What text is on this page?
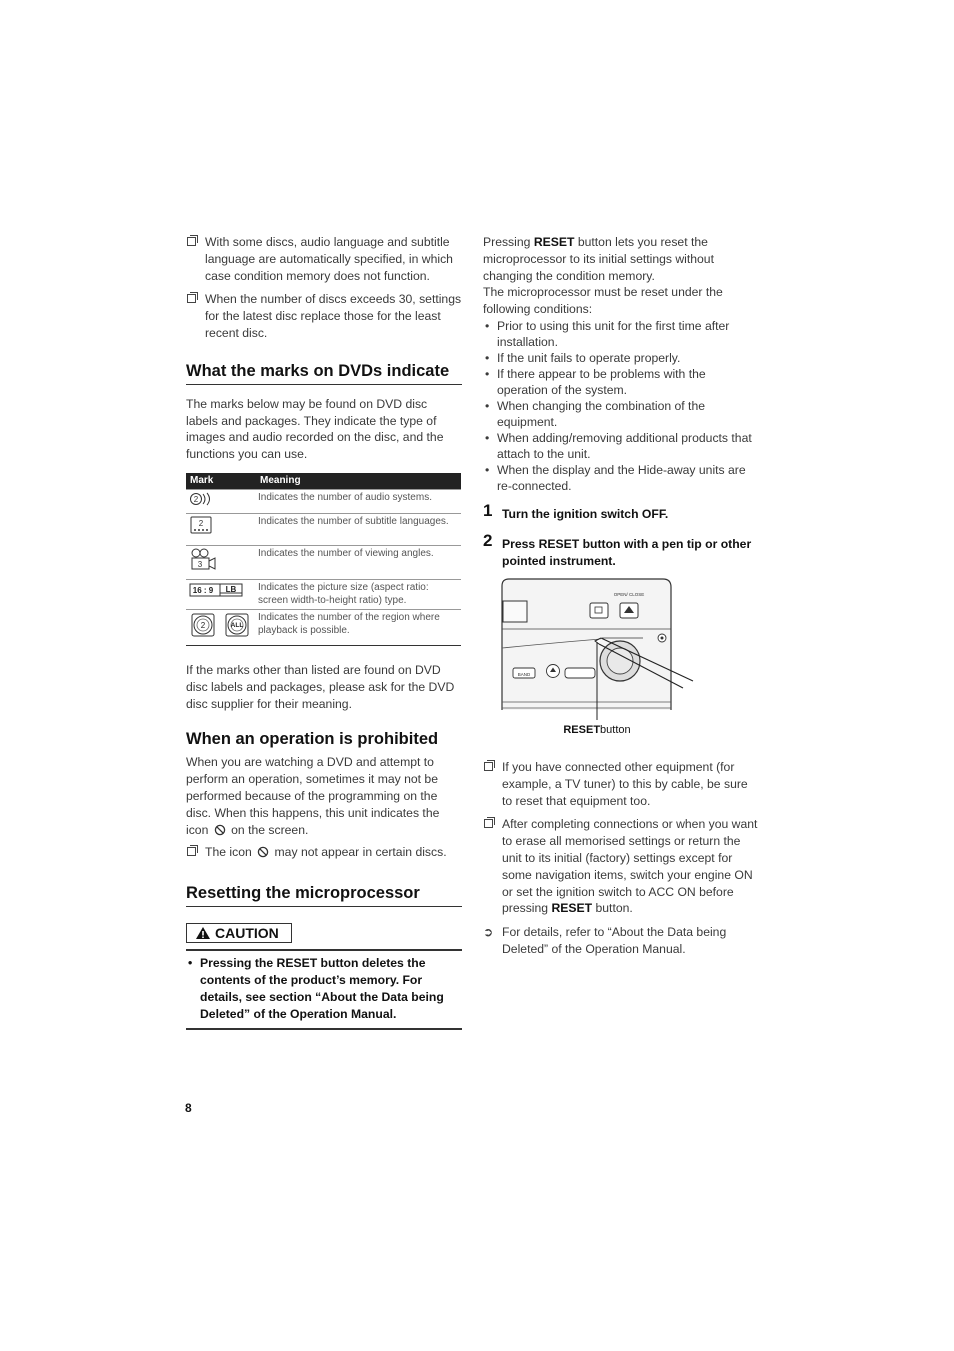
With some discs, audio language and subtitle language are automatically specified, in which case condition memory does not function.
When the number of discs exceeds 30, settings for the latest disc replace those for the least recent disc.
What the marks on DVDs indicate

The marks below may be found on DVD disc labels and packages. They indicate the type of images and audio recorded on the disc, and the functions you can use.

Mark	Meaning

2	Indicates the number of audio systems.

2	Indicates the number of subtitle languages.

3	Indicates the number of viewing angles.

16 : 9 LB	Indicates the picture size (aspect ratio: screen width-to-height ratio) type.

2 ALL	Indicates the number of the region where playback is possible.

If the marks other than listed are found on DVD disc labels and packages, please ask for the DVD disc supplier for their meaning.

When an operation is prohibited

When you are watching a DVD and attempt to perform an operation, sometimes it may not be performed because of the programming on the disc. When this happens, this unit indicates the icon on the screen.

The icon may not appear in certain discs.
Resetting the microprocessor
CAUTION
• Pressing the RESET button deletes the contents of the product’s memory. For details, see section “About the Data being Deleted” of the Operation Manual.

Pressing RESET button lets you reset the microprocessor to its initial settings without changing the condition memory.

The microprocessor must be reset under the following conditions:

• Prior to using this unit for the first time after installation.
• If the unit fails to operate properly.
• If there appear to be problems with the operation of the system.
• When changing the combination of the equipment.
• When adding/removing additional products that attach to the unit.
• When the display and the Hide-away units are re-connected.
1 Turn the ignition switch OFF.
2 Press RESET button with a pen tip or other pointed instrument.
OPEN/ CLOSE
BAND
RESETbutton
If you have connected other equipment (for example, a TV tuner) to this by cable, be sure to reset that equipment too.
After completing connections or when you want to erase all memorised settings or return the unit to its initial (factory) settings except for some navigation items, switch your engine ON or set the ignition switch to ACC ON before pressing RESET button.
➲ For details, refer to “About the Data being Deleted” of the Operation Manual.
8
